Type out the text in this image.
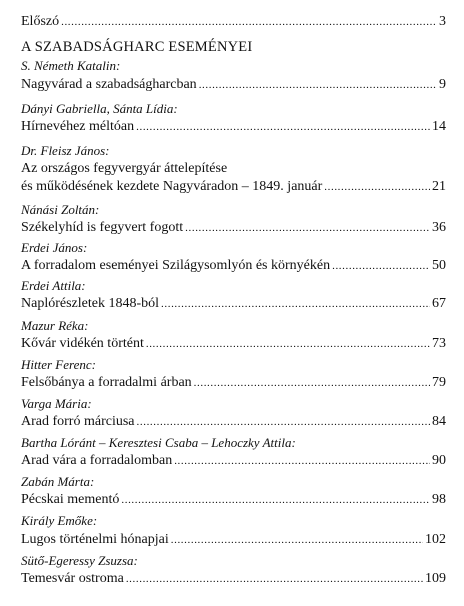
Előszó .....	3
A SZABADSÁGHARC ESEMÉNYEI
S. Németh Katalin:
Nagyvárad a szabadságharcban .....	9
Dányi Gabriella, Sánta Lídia:
Hírnevéhez méltóan .....	14
Dr. Fleisz János:
Az országos fegyvergyár áttelepítése
és működésének kezdete Nagyváradon – 1849. január .....	21
Nánási Zoltán:
Székelyhíd is fegyvert fogott .....	36
Erdei János:
A forradalom eseményei Szilágysomlyón és környékén .....	50
Erdei Attila:
Naplórészletek 1848-ból .....	67
Mazur Réka:
Kővár vidékén történt .....	73
Hitter Ferenc:
Felsőbánya a forradalmi árban .....	79
Varga Mária:
Arad forró márciusa .....	84
Bartha Lóránt – Keresztesi Csaba – Lehoczky Attila:
Arad vára a forradalomban .....	90
Zabán Márta:
Pécskai mementó .....	98
Király Emőke:
Lugos történelmi hónapjai .....	102
Sütő-Egeressy Zsuzsa:
Temesvár ostroma .....	109
